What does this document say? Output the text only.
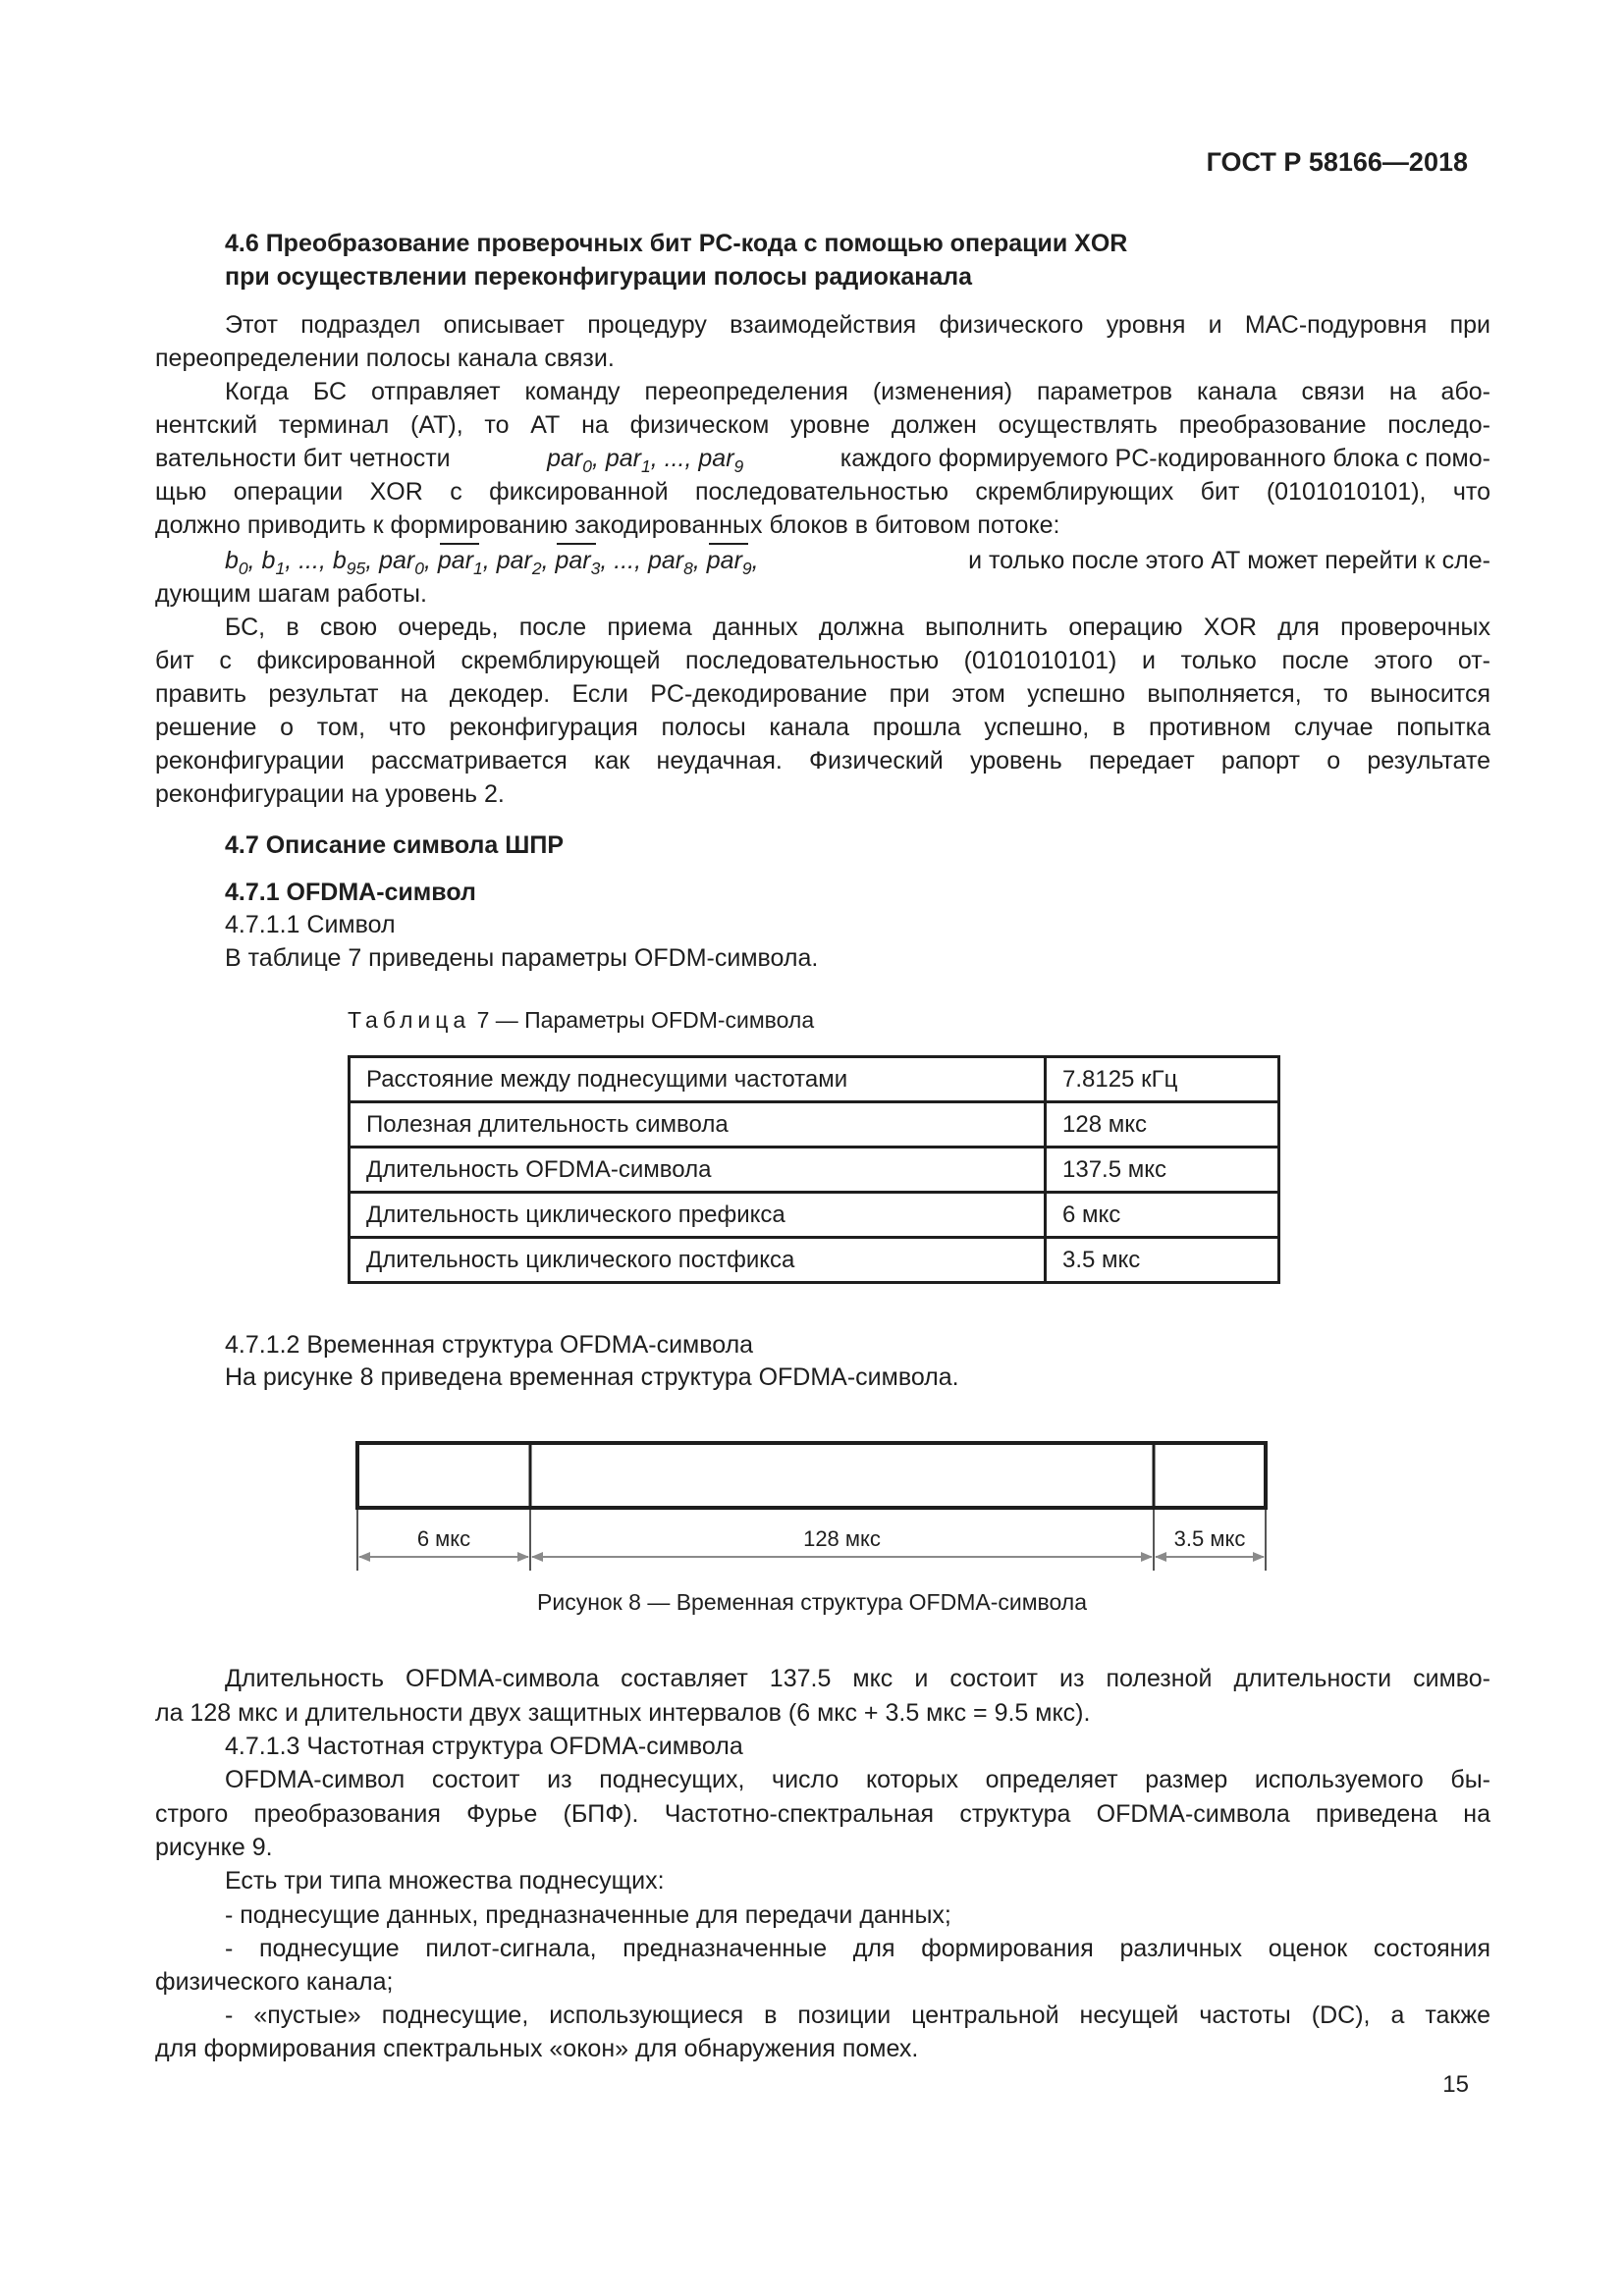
ГОСТ Р 58166—2018
4.6 Преобразование проверочных бит PC-кода с помощью операции XOR
при осуществлении переконфигурации полосы радиоканала
Этот подраздел описывает процедуру взаимодействия физического уровня и МАС-подуровня при
переопределении полосы канала связи.
Когда БС отправляет команду переопределения (изменения) параметров канала связи на або-
нентский терминал (АТ), то АТ на физическом уровне должен осуществлять преобразование последо-
вательности бит четности	par$_0$, par$_1$, ..., par$_9$	каждого формируемого PC-кодированного блока с помо-
щью операции XOR с фиксированной последовательностью скремблирующих бит (0101010101), что
должно приводить к формированию закодированных блоков в битовом потоке:
$b_0$, $b_1$, ..., $b_{95}$, par$_0$, par$_1$, par$_2$, par$_3$, ..., par$_8$, par$_9$,	и только после этого АТ может перейти к сле-
дующим шагам работы.
БС, в свою очередь, после приема данных должна выполнить операцию XOR для проверочных
бит с фиксированной скремблирующей последовательностью (0101010101) и только после этого от-
править результат на декодер. Если PC-декодирование при этом успешно выполняется, то выносится
решение о том, что реконфигурация полосы канала прошла успешно, в противном случае попытка
реконфигурации рассматривается как неудачная. Физический уровень передает рапорт о результате
реконфигурации на уровень 2.
4.7 Описание символа ШПР
4.7.1 OFDMA-символ
4.7.1.1 Символ
В таблице 7 приведены параметры OFDM-символа.
Таблица 7 — Параметры OFDM-символа
Расстояние между поднесущими частотами	7.8125 кГц
Полезная длительность символа	128 мкс
Длительность OFDMA-символа	137.5 мкс
Длительность циклического префикса	6 мкс
Длительность циклического постфикса	3.5 мкс
4.7.1.2 Временная структура OFDMA-символа
На рисунке 8 приведена временная структура OFDMA-символа.
6 мкс	128 мкс	3.5 мкс
Рисунок 8 — Временная структура OFDMA-символа
Длительность OFDMA-символа составляет 137.5 мкс и состоит из полезной длительности симво-
ла 128 мкс и длительности двух защитных интервалов (6 мкс + 3.5 мкс = 9.5 мкс).
4.7.1.3 Частотная структура OFDMA-символа
OFDMA-символ состоит из поднесущих, число которых определяет размер используемого бы-
строго преобразования Фурье (БПФ). Частотно-спектральная структура OFDMA-символа приведена на
рисунке 9.
Есть три типа множества поднесущих:
- поднесущие данных, предназначенные для передачи данных;
- поднесущие пилот-сигнала, предназначенные для формирования различных оценок состояния
физического канала;
- «пустые» поднесущие, использующиеся в позиции центральной несущей частоты (DC), а также
для формирования спектральных «окон» для обнаружения помех.
15
